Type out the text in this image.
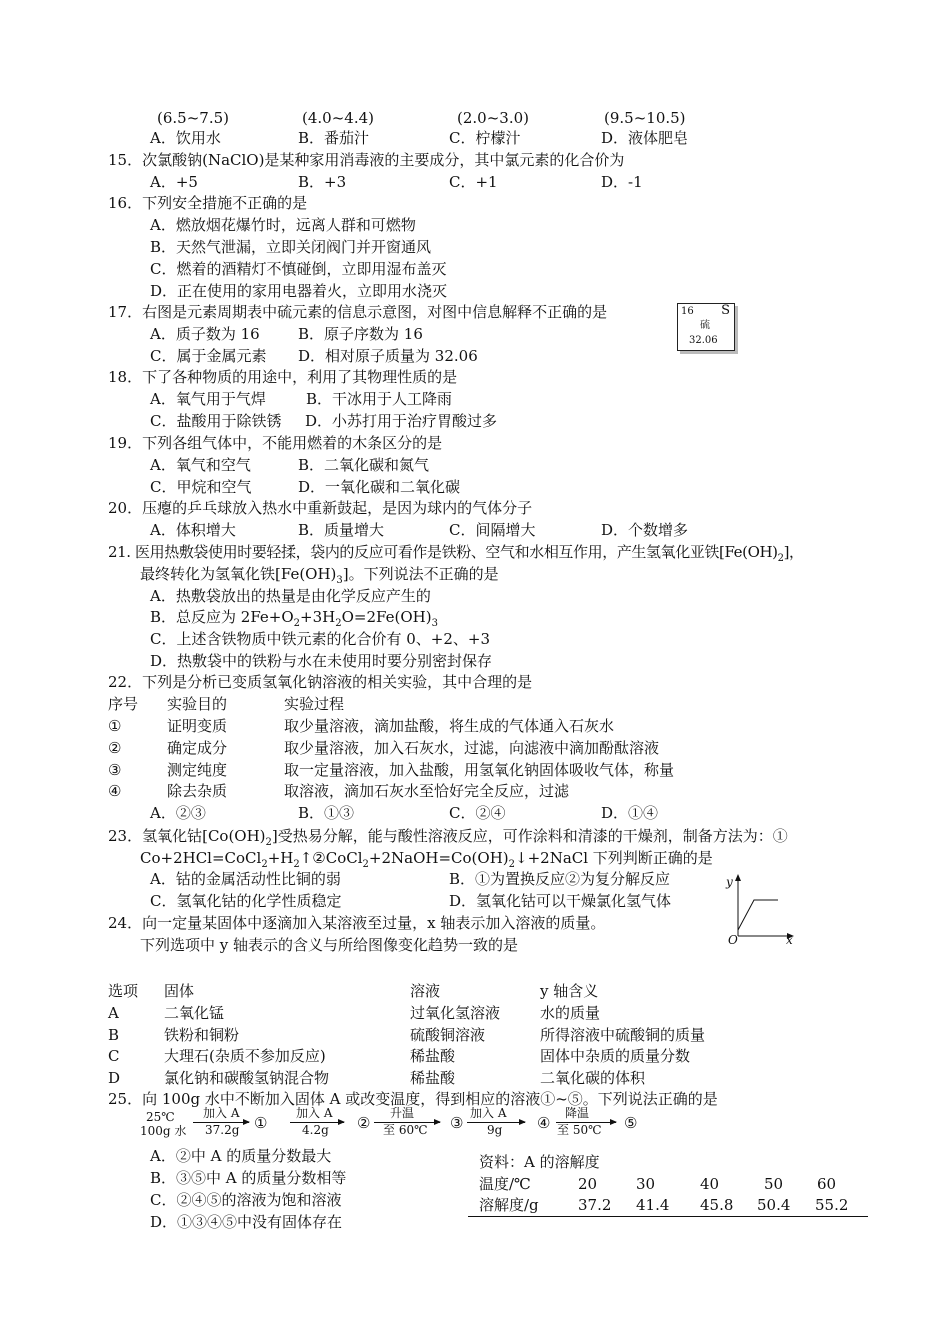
(6.5~7.5)	(4.0~4.4)	(2.0~3.0)	(9.5~10.5)
A．饮用水	B．番茄汁	C．柠檬汁	D．液体肥皂
15．次氯酸钠(NaClO)是某种家用消毒液的主要成分，其中氯元素的化合价为
A．+5	B．+3	C．+1	D．-1
16．下列安全措施不正确的是
A．燃放烟花爆竹时，远离人群和可燃物
B．天然气泄漏，立即关闭阀门并开窗通风
C．燃着的酒精灯不慎碰倒，立即用湿布盖灭
D．正在使用的家用电器着火，立即用水浇灭
17．右图是元素周期表中硫元素的信息示意图，对图中信息解释不正确的是
A．质子数为 16	B．原子序数为 16
C．属于金属元素 D．相对原子质量为 32.06
16 S
硫
32.06
18．下了各种物质的用途中，利用了其物理性质的是
A．氧气用于气焊	B．干冰用于人工降雨
C．盐酸用于除铁锈 D．小苏打用于治疗胃酸过多
19．下列各组气体中，不能用燃着的木条区分的是
A．氧气和空气	B．二氧化碳和氮气
C．甲烷和空气	D．一氧化碳和二氧化碳
20．压瘪的乒乓球放入热水中重新鼓起，是因为球内的气体分子
A．体积增大	B．质量增大	C．间隔增大	D．个数增多
21. 医用热敷袋使用时要轻揉，袋内的反应可看作是铁粉、空气和水相互作用，产生氢氧化亚铁$[Fe(OH)_2]$，
最终转化为氢氧化铁$[Fe(OH)_3]$。下列说法不正确的是
A．热敷袋放出的热量是由化学反应产生的
B．总反应为 $2Fe+O_2+3H_2O=2Fe(OH)_3$
C．上述含铁物质中铁元素的化合价有 0、+2、+3
D．热敷袋中的铁粉与水在未使用时要分别密封保存
22．下列是分析已变质氢氧化钠溶液的相关实验，其中合理的是
序号 实验目的	实验过程
①	证明变质	取少量溶液，滴加盐酸，将生成的气体通入石灰水
②	确定成分	取少量溶液，加入石灰水，过滤，向滤液中滴加酚酞溶液
③	测定纯度	取一定量溶液，加入盐酸，用氢氧化钠固体吸收气体，称量
④	除去杂质	取溶液，滴加石灰水至恰好完全反应，过滤
A．②③	B．①③	C．②④	D．①④
23．氢氧化钴$[Co(OH)_2]$受热易分解，能与酸性溶液反应，可作涂料和清漆的干燥剂，制备方法为：①
$Co+2HCl=CoCl_2+H_2↑②CoCl_2+2NaOH=Co(OH)_2↓+2NaCl$ 下列判断正确的是
A．钴的金属活动性比铜的弱	B．①为置换反应②为复分解反应
C．氢氧化钴的化学性质稳定	D．氢氧化钴可以干燥氯化氢气体
y
x
O
24．向一定量某固体中逐滴加入某溶液至过量，x 轴表示加入溶液的质量。
下列选项中 y 轴表示的含义与所给图像变化趋势一致的是
选项 固体	溶液	y 轴含义
A	二氧化锰	过氧化氢溶液	水的质量
B	铁粉和铜粉	硫酸铜溶液	所得溶液中硫酸铜的质量
C	大理石(杂质不参加反应)	稀盐酸	固体中杂质的质量分数
D	氯化钠和碳酸氢钠混合物	稀盐酸	二氧化碳的体积
25．向 100g 水中不断加入固体 A 或改变温度，得到相应的溶液①~⑤。下列说法正确的是
25℃
100g 水
加入 A
37.2g ①
加入 A
4.2g ②
升温
至 60℃ ③
加入 A
9g ④
降温
至 50℃ ⑤
A．②中 A 的质量分数最大
B．③⑤中 A 的质量分数相等
C．②④⑤的溶液为饱和溶液
D．①③④⑤中没有固体存在
资料：A 的溶解度
温度/℃	20	30	40	50 60
溶解度/g	37.2 41.4 45.8 50.4 55.2
